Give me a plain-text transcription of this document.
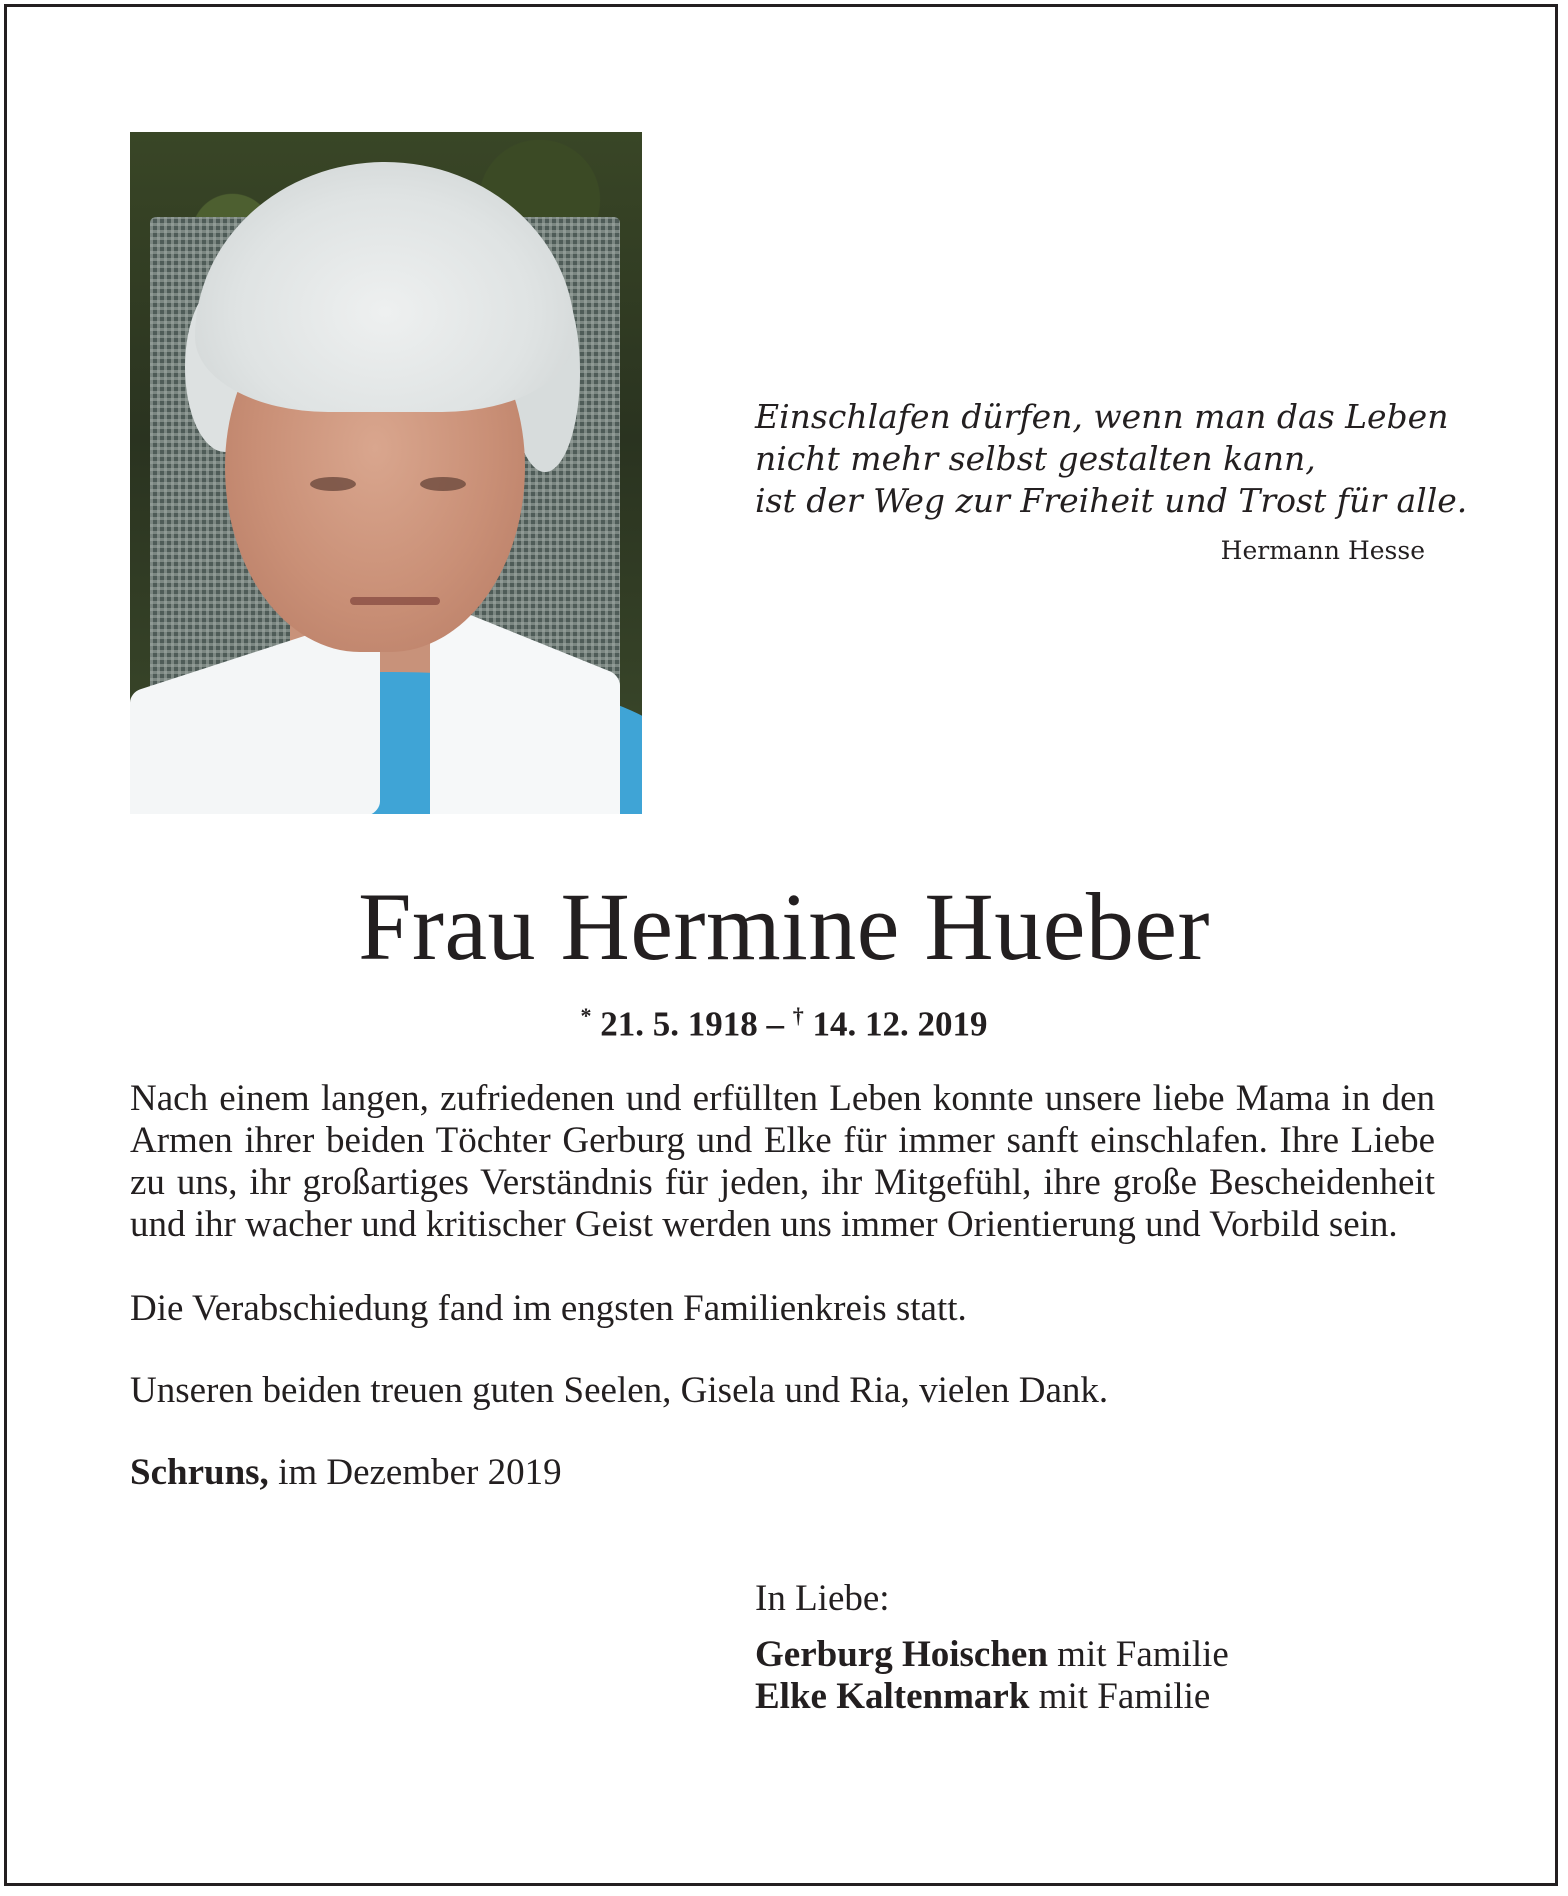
Einschlafen dürfen, wenn man das Leben
nicht mehr selbst gestalten kann,
ist der Weg zur Freiheit und Trost für alle.
Hermann Hesse
Frau Hermine Hueber
* 21. 5. 1918 – † 14. 12. 2019

Nach einem langen, zufriedenen und erfüllten Leben konnte unsere liebe Mama in den Armen ihrer beiden Töchter Gerburg und Elke für immer sanft einschlafen. Ihre Liebe zu uns, ihr großartiges Verständnis für jeden, ihr Mitgefühl, ihre große Bescheidenheit und ihr wacher und kritischer Geist werden uns immer Orientierung und Vorbild sein.

Die Verabschiedung fand im engsten Familienkreis statt.

Unseren beiden treuen guten Seelen, Gisela und Ria, vielen Dank.

Schruns, im Dezember 2019

In Liebe:
Gerburg Hoischen mit Familie
Elke Kaltenmark mit Familie
